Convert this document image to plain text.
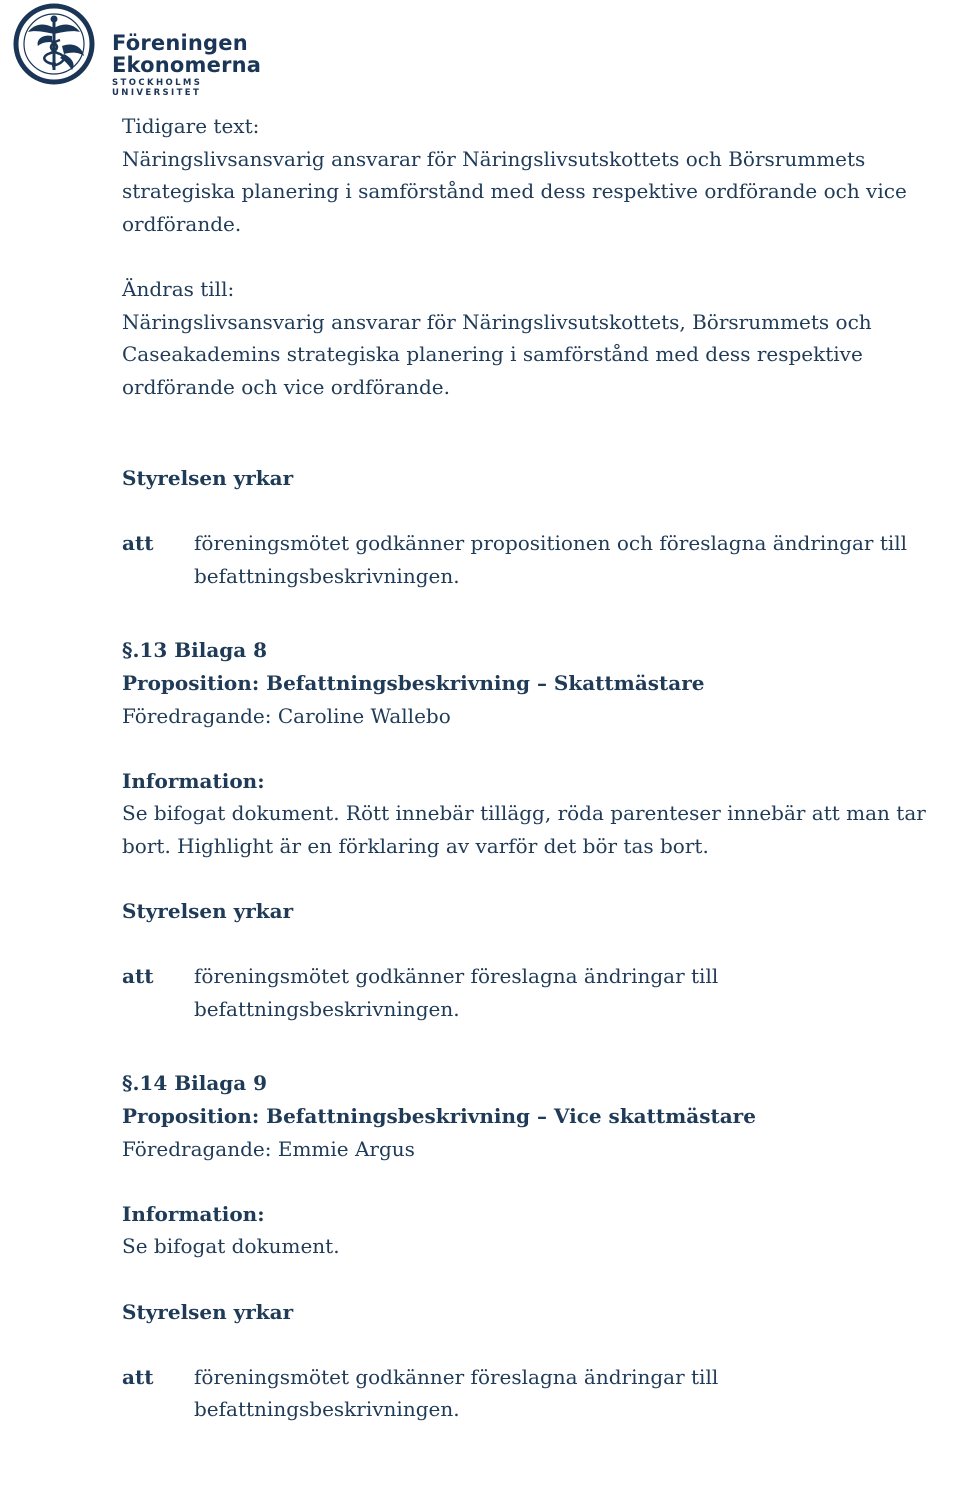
Föreningen
Ekonomerna
STOCKHOLMS UNIVERSITET

Tidigare text:

Näringslivsansvarig ansvarar för Näringslivsutskottets och Börsrummets strategiska planering i samförstånd med dess respektive ordförande och vice ordförande.

Ändras till:

Näringslivsansvarig ansvarar för Näringslivsutskottets, Börsrummets och Caseakademins strategiska planering i samförstånd med dess respektive ordförande och vice ordförande.

Styrelsen yrkar

att	föreningsmötet godkänner propositionen och föreslagna ändringar till befattningsbeskrivningen.

§.13 Bilaga 8

Proposition: Befattningsbeskrivning – Skattmästare

Föredragande: Caroline Wallebo

Information:

Se bifogat dokument. Rött innebär tillägg, röda parenteser innebär att man tar bort. Highlight är en förklaring av varför det bör tas bort.

Styrelsen yrkar

att	föreningsmötet godkänner föreslagna ändringar till befattningsbeskrivningen.

§.14 Bilaga 9

Proposition: Befattningsbeskrivning – Vice skattmästare

Föredragande: Emmie Argus

Information:

Se bifogat dokument.

Styrelsen yrkar

att	föreningsmötet godkänner föreslagna ändringar till befattningsbeskrivningen.
